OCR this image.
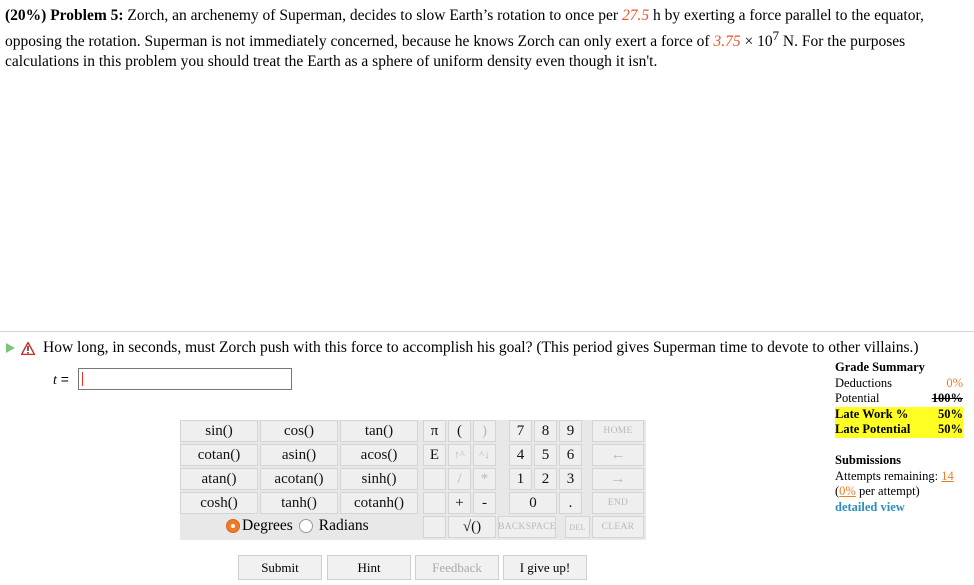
(20%) Problem 5: Zorch, an archenemy of Superman, decides to slow Earth’s rotation to once per 27.5 h by exerting a force parallel to the equator, opposing the rotation. Superman is not immediately concerned, because he knows Zorch can only exert a force of $3.75 \times 10^7$ N. For the purposes calculations in this problem you should treat the Earth as a sphere of uniform density even though it isn't.
How long, in seconds, must Zorch push with this force to accomplish his goal? (This period gives Superman time to devote to other villains.)
t =
sin()	cos()	tan()
cotan()	asin()	acos()
atan()	acotan()	sinh()
cosh()	tanh()	cotanh()
π	(	)
E	↑^	^↓
/	*
+	-
√()
7	8	9
4	5	6
1	2	3
0	.
HOME
←
→
END
BACKSPACE	DEL	CLEAR
Degrees Radians
Grade Summary
Deductions	0%
Potential	100%
Late Work % 50%
Late Potential 50%
Submissions
Attempts remaining: 14
(0% per attempt)
detailed view
Submit	Hint	Feedback	I give up!
